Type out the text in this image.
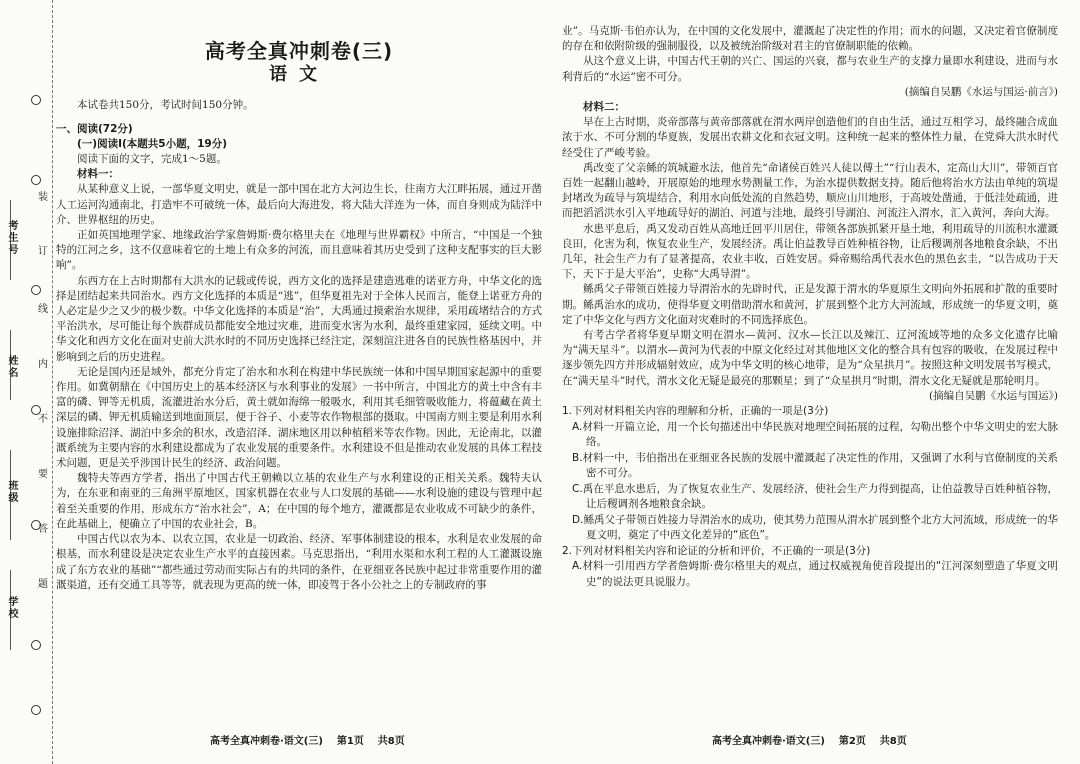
考生号
姓名
班级
学校
装
订
线
内
不
要
答
题
高考全真冲刺卷(三)
语文

本试卷共150分，考试时间150分钟。

一、阅读(72分)

(一)阅读Ⅰ(本题共5小题，19分)

阅读下面的文字，完成1～5题。

材料一：

从某种意义上说，一部华夏文明史，就是一部中国在北方大河边生长，往南方大江畔拓展，通过开凿人工运河沟通南北，打造牢不可破统一体，最后向大海进发，将大陆大洋连为一体，而自身则成为陆洋中介、世界枢纽的历史。

正如英国地理学家、地缘政治学家詹姆斯·费尔格里夫在《地理与世界霸权》中所言，“中国是一个独特的江河之乡，这不仅意味着它的土地上有众多的河流，而且意味着其历史受到了这种支配事实的巨大影响”。

东西方在上古时期都有大洪水的记载或传说，西方文化的选择是建造逃难的诺亚方舟，中华文化的选择是团结起来共同治水。西方文化选择的本质是“逃”，但华夏祖先对于全体人民而言，能登上诺亚方舟的人必定是少之又少的极少数。中华文化选择的本质是“治”，大禹通过摸索治水规律，采用疏堵结合的方式平治洪水，尽可能让每个族群成员都能安全地过灾难，进而变水害为水利，最终重建家园，延续文明。中华文化和西方文化在面对史前大洪水时的不同历史选择已经注定，深刻渲注进各自的民族性格基因中，并影响到之后的历史进程。

无论是国内还是域外，都充分肯定了治水和水利在构建中华民族统一体和中国早期国家起源中的重要作用。如冀朝鼎在《中国历史上的基本经济区与水利事业的发展》一书中所言，中国北方的黄土中含有丰富的磷、钾等无机质，流灌进治水分后，黄土就如海绵一般吸水，利用其毛细管吸收能力，将蕴藏在黄土深层的磷、钾无机质输送到地面顶层，便于谷子、小麦等农作物根部的摄取。中国南方则主要是利用水利设施排除沼泽、湖泊中多余的积水，改造沼泽、湖床地区用以种植稻米等农作物。因此，无论南北，以灌溉系统为主要内容的水利建设都成为了农业发展的重要条件。水利建设不但是推动农业发展的具体工程技术问题，更是关乎涉国计民生的经济、政治问题。

魏特夫等西方学者，指出了中国古代王朝赖以立基的农业生产与水利建设的正相关关系。魏特夫认为，在东亚和南亚的三角洲平原地区，国家机器在农业与人口发展的基础——水利设施的建设与管理中起着至关重要的作用，形成东方“治水社会”，A；在中国的每个地方，灌溉都是农业收成不可缺少的条件，在此基础上，便确立了中国的农业社会，B。

中国古代以农为本、以农立国，农业是一切政治、经济、军事体制建设的根本，水利是农业发展的命根基，而水利建设是决定农业生产水平的直接因素。马克思指出，“利用水渠和水利工程的人工灌溉设施成了东方农业的基础”“都些通过劳动而实际占有的共同的条件，在亚细亚各民族中起过非常重要作用的灌溉渠道，还有交通工具等等，就表现为更高的统一体，即凌驾于各小公社之上的专制政府的事

高考全真冲刺卷·语文(三)    第1页    共8页

业”。马克斯·韦伯亦认为，在中国的文化发展中，灌溉起了决定性的作用；而水的问题，又决定着官僚制度的存在和依附阶级的强制服役，以及被统治阶级对君主的官僚制职能的依赖。

从这个意义上讲，中国古代王朝的兴亡、国运的兴衰，都与农业生产的支撑力量即水利建设，进而与水利背后的“水运”密不可分。

(摘编自吴鹏《水运与国运·前言》)

材料二：

早在上古时期，炎帝部落与黄帝部落就在渭水两岸创造他们的自由生活，通过互相学习，最终融合成血浓于水、不可分割的华夏族，发展出农耕文化和衣冠文明。这种统一起来的整体性力量，在党舜大洪水时代经受住了严峻考验。

禹改变了父亲鲧的筑城避水法，他首先“命诸侯百姓兴人徒以傅土”“行山表木，定高山大川”，带领百官百姓一起翻山越岭，开展原始的地理水势测量工作，为治水提供数据支持。随后他将治水方法由单纯的筑堤封堵改为疏导与筑堤结合，利用水向低处流的自然趋势，顺应山川地形，于高坡处凿通，于低洼处疏通，进而把滔滔洪水引入平地疏导好的湖泊、河道与洼地，最终引导湖泊、河流注入渭水，汇入黄河，奔向大海。

水患平息后，禹又发动百姓从高地迁回平川居住，带领各部族抓紧开垦土地，利用疏导的川流积水灌溉良田，化害为利，恢复农业生产，发展经济。禹让伯益教导百姓种植谷物，让后稷调剂各地粮食余缺，不出几年，社会生产力有了显著提高，农业丰收，百姓安居。舜帝赐给禹代表水色的黑色玄圭，“以告成功于天下，天下于是大平治”，史称“大禹导渭”。

鲧禹父子带领百姓接力导渭治水的先辟时代，正是发源于渭水的华夏原生文明向外拓展和扩散的重要时期。鲧禹治水的成功，使得华夏文明借助渭水和黄河，扩展到整个北方大河流域，形成统一的华夏文明，奠定了中华文化与西方文化面对灾难时的不同选择底色。

有考古学者将华夏早期文明在渭水—黄河、汉水—长江以及辣江、辽河流域等地的众多文化遗存比喻为“满天星斗”。以渭水—黄河为代表的中原文化经过对其他地区文化的整合具有包容的吸收，在发展过程中逐步领先四方并形成辐射效应，成为中华文明的核心地带，是为“众星拱月”。按照这种文明发展书写模式，在“满天星斗”时代，渭水文化无疑是最亮的那颗星；到了“众星拱月”时期，渭水文化无疑就是那轮明月。

(摘编自吴鹏《水运与国运》)

1.下列对材料相关内容的理解和分析，正确的一项是(3分)

A.材料一开篇立论，用一个长句描述出中华民族对地理空间拓展的过程，勾勒出整个中华文明史的宏大脉络。

B.材料一中，韦伯指出在亚细亚各民族的发展中灌溉起了决定性的作用，又强调了水利与官僚制度的关系密不可分。

C.禹在平息水患后，为了恢复农业生产、发展经济，使社会生产力得到提高，让伯益教导百姓种植谷物，让后稷调剂各地粮食余缺。

D.鲧禹父子带领百姓接力导渭治水的成功，使其势力范围从渭水扩展到整个北方大河流域，形成统一的华夏文明，奠定了中西文化差异的“底色”。

2.下列对材料相关内容和论证的分析和评价，不正确的一项是(3分)

A.材料一引用西方学者詹姆斯·费尔格里夫的观点，通过权威视角使首段提出的“江河深刻塑造了华夏文明史”的说法更具说服力。

高考全真冲刺卷·语文(三)    第2页    共8页
